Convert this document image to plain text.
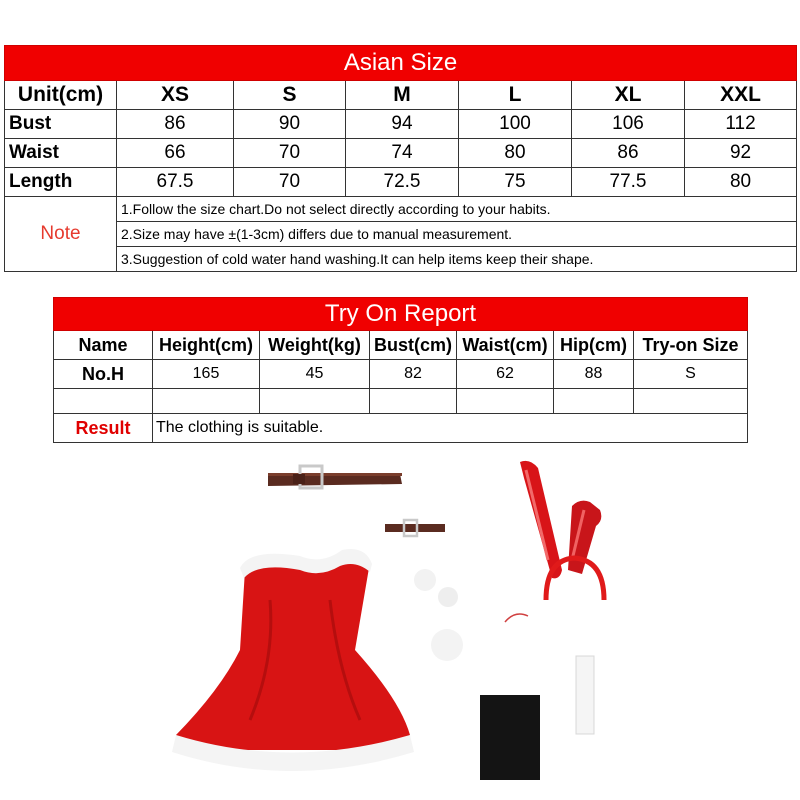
Asian Size						
Unit(cm)	XS	S	M	L	XL	XXL
Bust	86	90	94	100	106	112
Waist	66	70	74	80	86	92
Length	67.5	70	72.5	75	77.5	80
Note	1.Follow the size chart.Do not select directly according to your habits.					
	2.Size may have ±(1-3cm) differs due to manual measurement.					
	3.Suggestion of cold water hand washing.It can help items keep their shape.					
Try On Report						
Name	Height(cm)	Weight(kg)	Bust(cm)	Waist(cm)	Hip(cm)	Try-on Size
No.H	165	45	82	62	88	S

Result	The clothing is suitable.					
